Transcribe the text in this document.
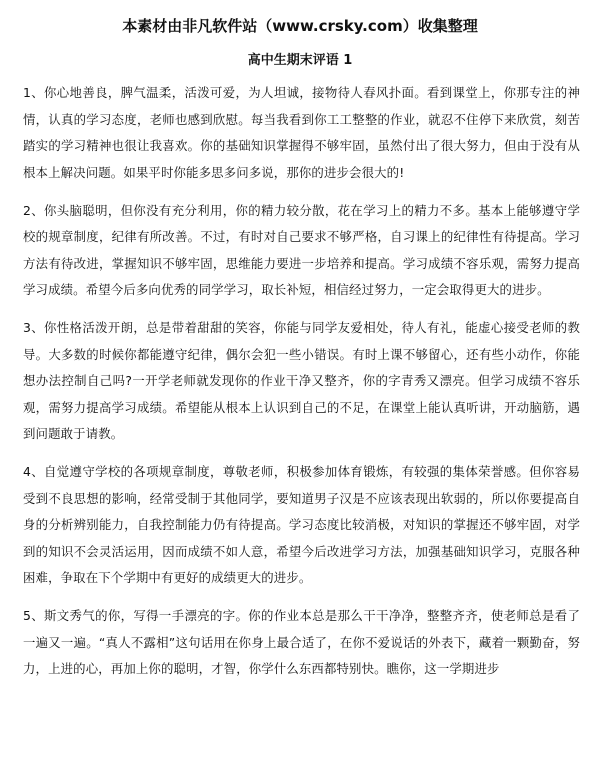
本素材由非凡软件站（www.crsky.com）收集整理
高中生期末评语 1

1、你心地善良，脾气温柔，活泼可爱，为人坦诚，接物待人春风扑面。看到课堂上，你那专注的神情，认真的学习态度，老师也感到欣慰。每当我看到你工工整整的作业，就忍不住停下来欣赏，刻苦踏实的学习精神也很让我喜欢。你的基础知识掌握得不够牢固，虽然付出了很大努力，但由于没有从根本上解决问题。如果平时你能多思多问多说，那你的进步会很大的!

2、你头脑聪明，但你没有充分利用，你的精力较分散，花在学习上的精力不多。基本上能够遵守学校的规章制度，纪律有所改善。不过，有时对自己要求不够严格，自习课上的纪律性有待提高。学习方法有待改进，掌握知识不够牢固，思维能力要进一步培养和提高。学习成绩不容乐观，需努力提高学习成绩。希望今后多向优秀的同学学习，取长补短，相信经过努力，一定会取得更大的进步。

3、你性格活泼开朗，总是带着甜甜的笑容，你能与同学友爱相处，待人有礼，能虚心接受老师的教导。大多数的时候你都能遵守纪律，偶尔会犯一些小错误。有时上课不够留心，还有些小动作，你能想办法控制自己吗?一开学老师就发现你的作业干净又整齐，你的字青秀又漂亮。但学习成绩不容乐观，需努力提高学习成绩。希望能从根本上认识到自己的不足，在课堂上能认真听讲，开动脑筋，遇到问题敢于请教。

4、自觉遵守学校的各项规章制度，尊敬老师，积极参加体育锻炼，有较强的集体荣誉感。但你容易受到不良思想的影响，经常受制于其他同学，要知道男子汉是不应该表现出软弱的，所以你要提高自身的分析辨别能力，自我控制能力仍有待提高。学习态度比较消极，对知识的掌握还不够牢固，对学到的知识不会灵活运用，因而成绩不如人意，希望今后改进学习方法，加强基础知识学习，克服各种困难，争取在下个学期中有更好的成绩更大的进步。

5、斯文秀气的你，写得一手漂亮的字。你的作业本总是那么干干净净，整整齐齐，使老师总是看了一遍又一遍。“真人不露相”这句话用在你身上最合适了，在你不爱说话的外表下，藏着一颗勤奋，努力，上进的心，再加上你的聪明，才智，你学什么东西都特别快。瞧你，这一学期进步
